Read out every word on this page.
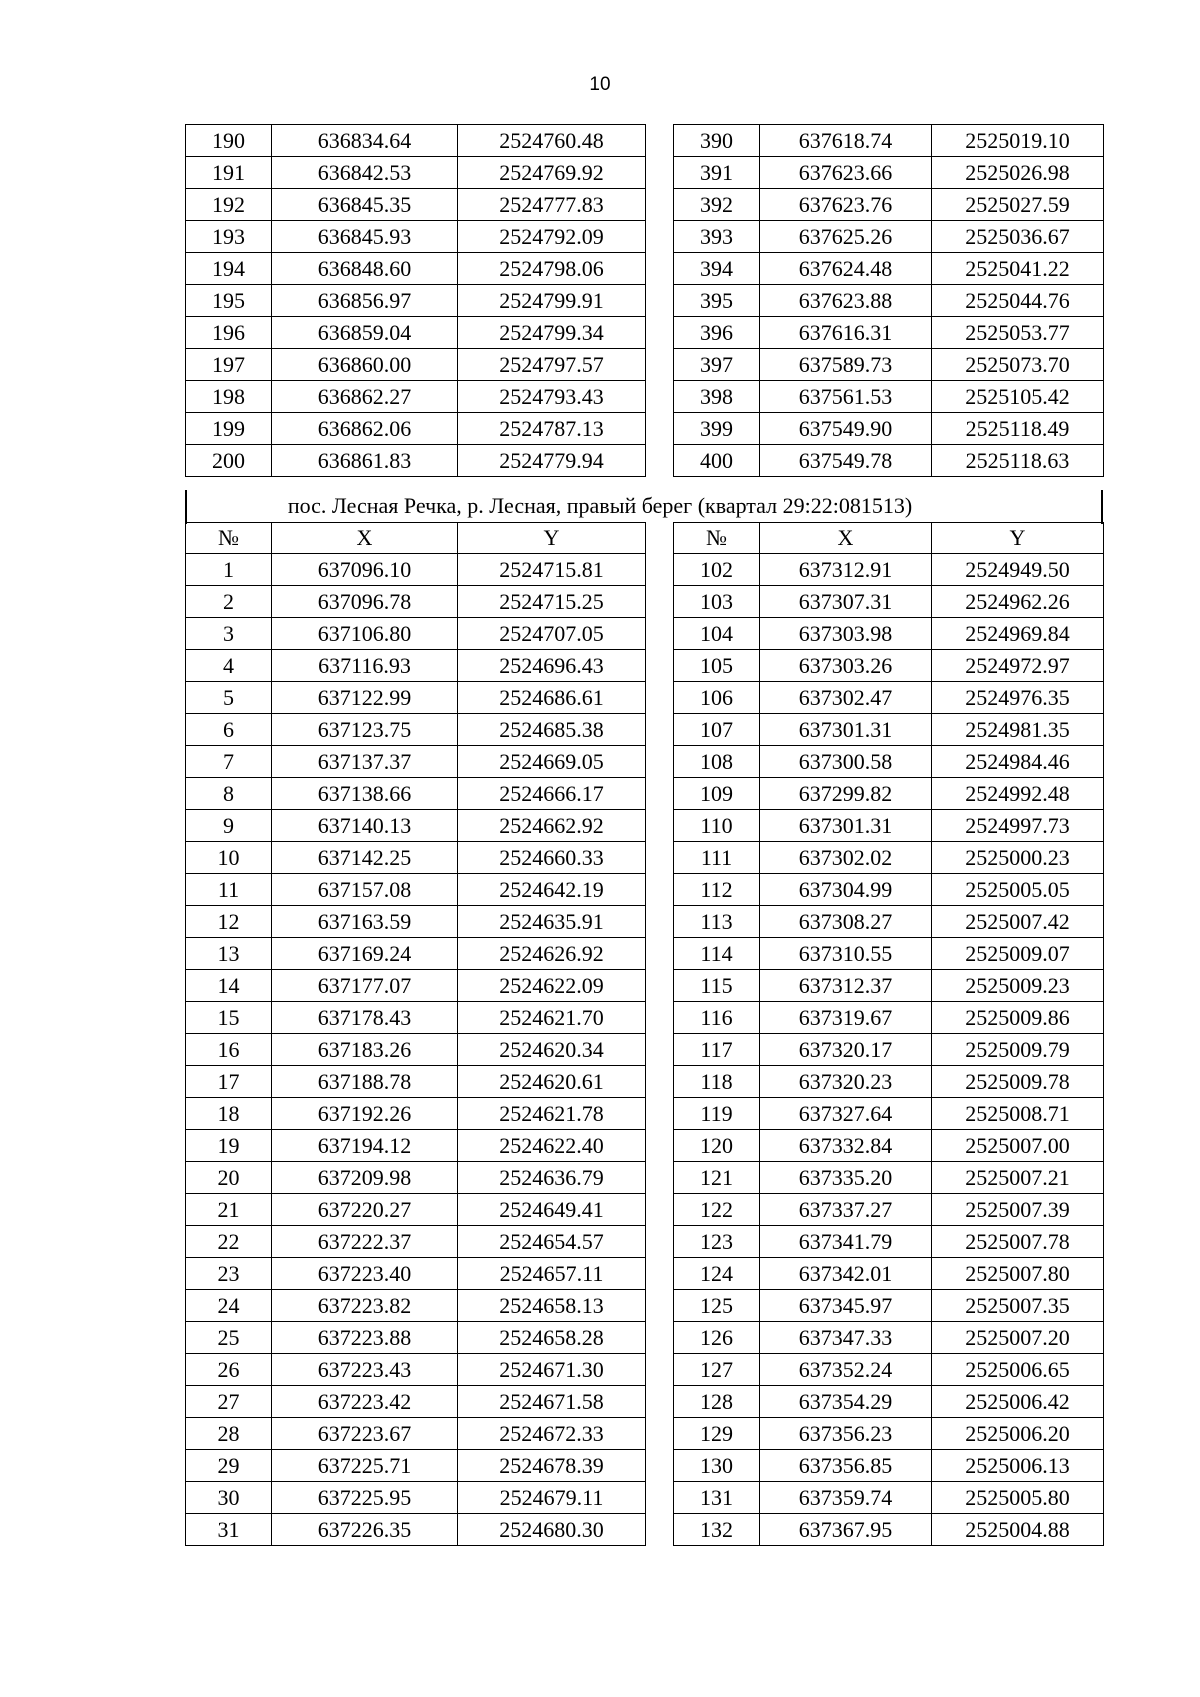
10
190	636834.64	2524760.48
191	636842.53	2524769.92
192	636845.35	2524777.83
193	636845.93	2524792.09
194	636848.60	2524798.06
195	636856.97	2524799.91
196	636859.04	2524799.34
197	636860.00	2524797.57
198	636862.27	2524793.43
199	636862.06	2524787.13
200	636861.83	2524779.94
390	637618.74	2525019.10
391	637623.66	2525026.98
392	637623.76	2525027.59
393	637625.26	2525036.67
394	637624.48	2525041.22
395	637623.88	2525044.76
396	637616.31	2525053.77
397	637589.73	2525073.70
398	637561.53	2525105.42
399	637549.90	2525118.49
400	637549.78	2525118.63
пос. Лесная Речка, р. Лесная, правый берег (квартал 29:22:081513)
№	X	Y
1	637096.10	2524715.81
2	637096.78	2524715.25
3	637106.80	2524707.05
4	637116.93	2524696.43
5	637122.99	2524686.61
6	637123.75	2524685.38
7	637137.37	2524669.05
8	637138.66	2524666.17
9	637140.13	2524662.92
10	637142.25	2524660.33
11	637157.08	2524642.19
12	637163.59	2524635.91
13	637169.24	2524626.92
14	637177.07	2524622.09
15	637178.43	2524621.70
16	637183.26	2524620.34
17	637188.78	2524620.61
18	637192.26	2524621.78
19	637194.12	2524622.40
20	637209.98	2524636.79
21	637220.27	2524649.41
22	637222.37	2524654.57
23	637223.40	2524657.11
24	637223.82	2524658.13
25	637223.88	2524658.28
26	637223.43	2524671.30
27	637223.42	2524671.58
28	637223.67	2524672.33
29	637225.71	2524678.39
30	637225.95	2524679.11
31	637226.35	2524680.30
№	X	Y
102	637312.91	2524949.50
103	637307.31	2524962.26
104	637303.98	2524969.84
105	637303.26	2524972.97
106	637302.47	2524976.35
107	637301.31	2524981.35
108	637300.58	2524984.46
109	637299.82	2524992.48
110	637301.31	2524997.73
111	637302.02	2525000.23
112	637304.99	2525005.05
113	637308.27	2525007.42
114	637310.55	2525009.07
115	637312.37	2525009.23
116	637319.67	2525009.86
117	637320.17	2525009.79
118	637320.23	2525009.78
119	637327.64	2525008.71
120	637332.84	2525007.00
121	637335.20	2525007.21
122	637337.27	2525007.39
123	637341.79	2525007.78
124	637342.01	2525007.80
125	637345.97	2525007.35
126	637347.33	2525007.20
127	637352.24	2525006.65
128	637354.29	2525006.42
129	637356.23	2525006.20
130	637356.85	2525006.13
131	637359.74	2525005.80
132	637367.95	2525004.88
